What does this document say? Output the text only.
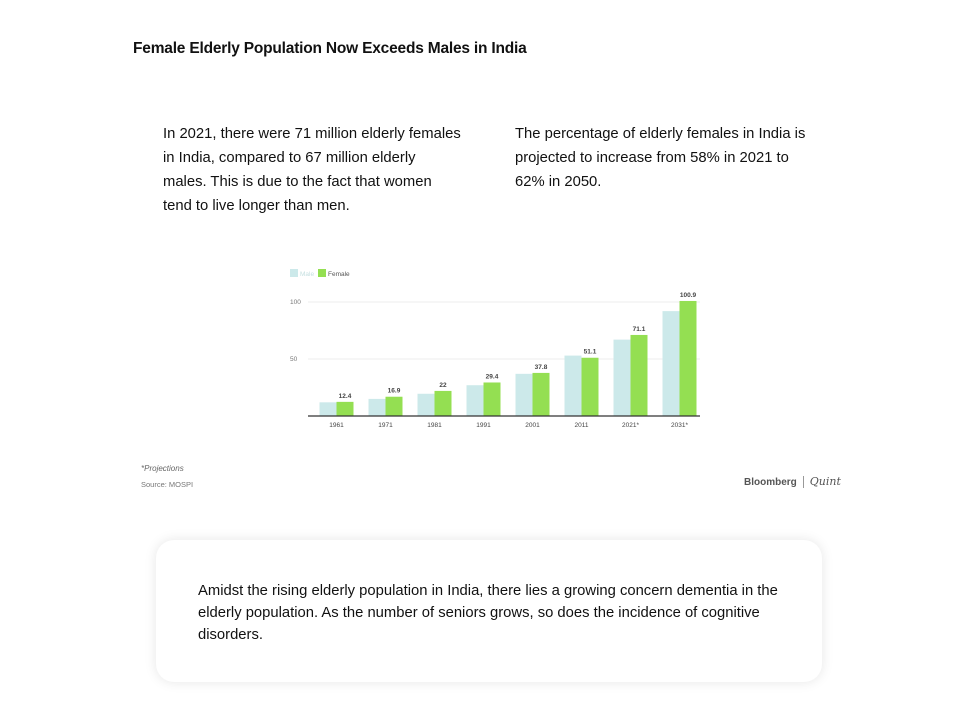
Female Elderly Population Now Exceeds Males in India
In 2021, there were 71 million elderly females in India, compared to 67 million elderly males. This is due to the fact that women tend to live longer than men.
The percentage of elderly females in India is projected to increase from 58% in 2021 to 62% in 2050.
Male Female
100
50
12.4
1961
16.9
1971
22
1981
29.4
1991
37.8
2001
51.1
2011
71.1
2021*
100.9
2031*
*Projections
Source: MOSPI	Bloomberg Quint
Amidst the rising elderly population in India, there lies a growing concern dementia in the elderly population. As the number of seniors grows, so does the incidence of cognitive disorders.
